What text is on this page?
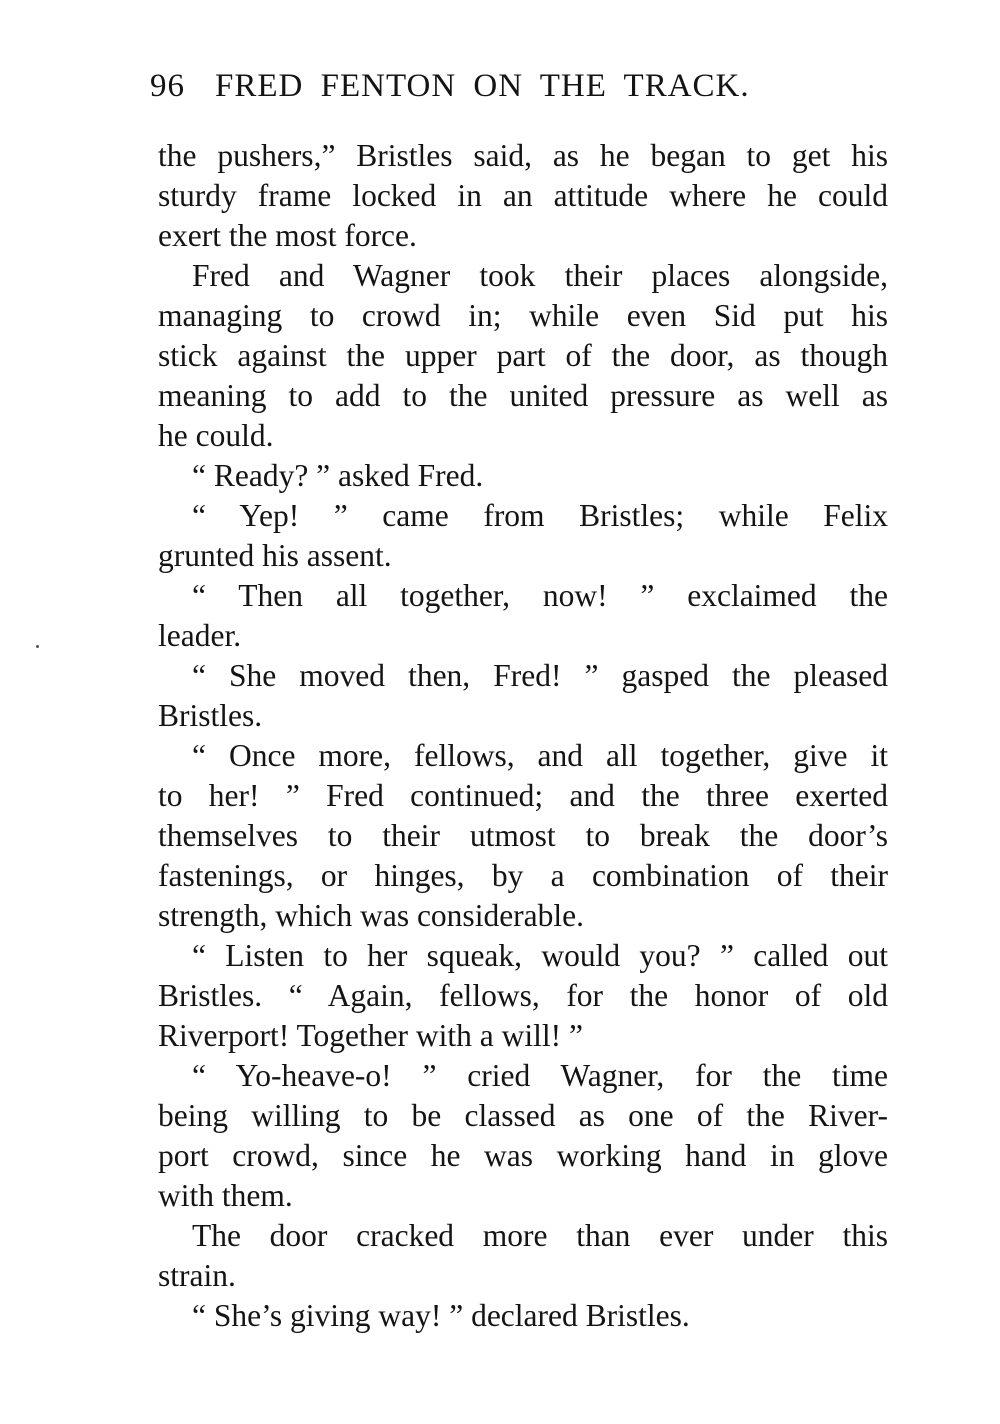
96 FRED FENTON ON THE TRACK.
the pushers,” Bristles said, as he began to get his
sturdy frame locked in an attitude where he could
exert the most force.
Fred and Wagner took their places alongside,
managing to crowd in; while even Sid put his
stick against the upper part of the door, as though
meaning to add to the united pressure as well as
he could.
“ Ready? ” asked Fred.
“ Yep! ” came from Bristles; while Felix
grunted his assent.
“ Then all together, now! ” exclaimed the
leader.
“ She moved then, Fred! ” gasped the pleased
Bristles.
“ Once more, fellows, and all together, give it
to her! ” Fred continued; and the three exerted
themselves to their utmost to break the door’s
fastenings, or hinges, by a combination of their
strength, which was considerable.
“ Listen to her squeak, would you? ” called out
Bristles. “ Again, fellows, for the honor of old
Riverport! Together with a will! ”
“ Yo-heave-o! ” cried Wagner, for the time
being willing to be classed as one of the River-
port crowd, since he was working hand in glove
with them.
The door cracked more than ever under this
strain.
“ She’s giving way! ” declared Bristles.
